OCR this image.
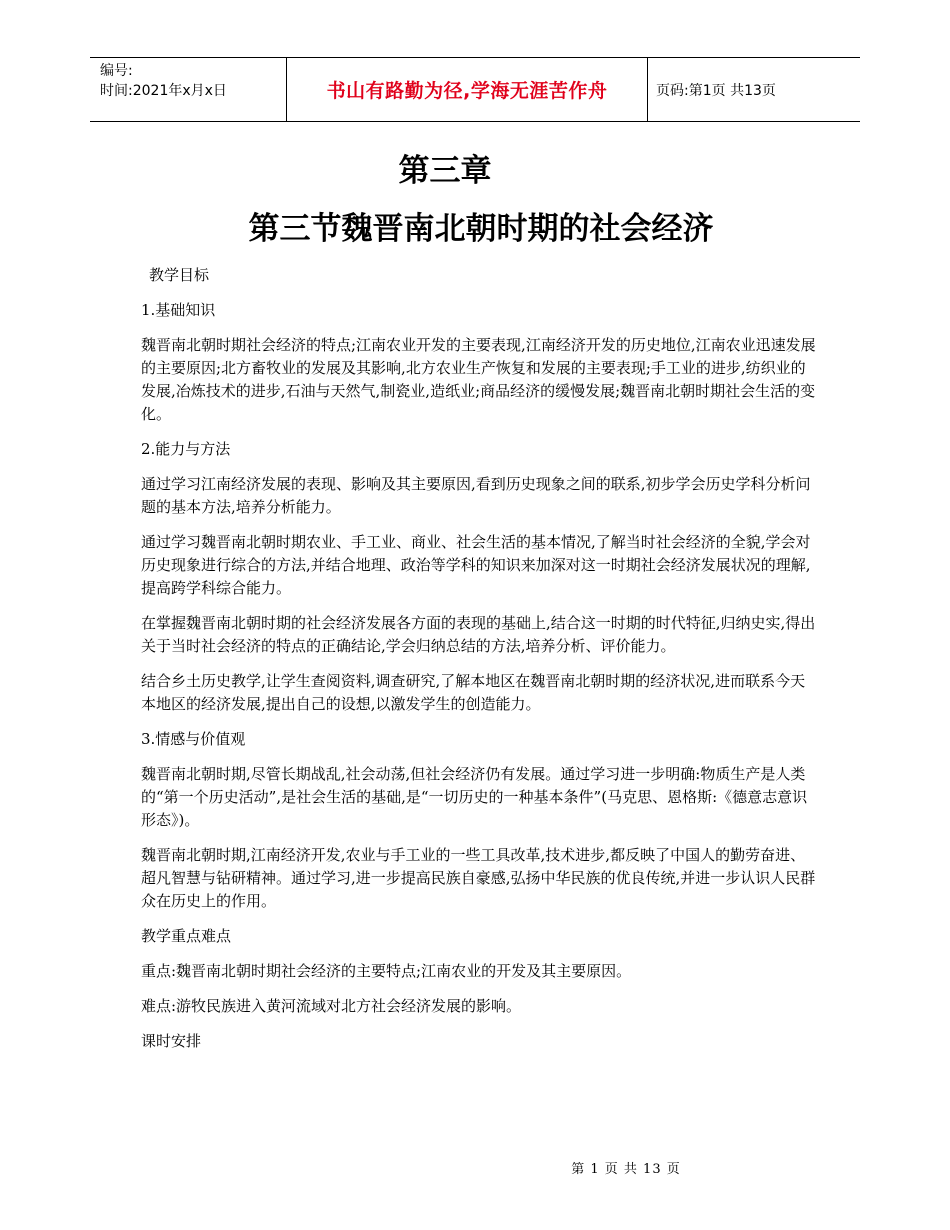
编号:
时间:2021年x月x日	书山有路勤为径,学海无涯苦作舟	页码:第1页 共13页
第三章
第三节魏晋南北朝时期的社会经济

教学目标

1.基础知识

魏晋南北朝时期社会经济的特点;江南农业开发的主要表现,江南经济开发的历史地位,江南农业迅速发展的主要原因;北方畜牧业的发展及其影响,北方农业生产恢复和发展的主要表现;手工业的进步,纺织业的发展,冶炼技术的进步,石油与天然气,制瓷业,造纸业;商品经济的缓慢发展;魏晋南北朝时期社会生活的变化。

2.能力与方法

通过学习江南经济发展的表现、影响及其主要原因,看到历史现象之间的联系,初步学会历史学科分析问题的基本方法,培养分析能力。

通过学习魏晋南北朝时期农业、手工业、商业、社会生活的基本情况,了解当时社会经济的全貌,学会对历史现象进行综合的方法,并结合地理、政治等学科的知识来加深对这一时期社会经济发展状况的理解,提高跨学科综合能力。

在掌握魏晋南北朝时期的社会经济发展各方面的表现的基础上,结合这一时期的时代特征,归纳史实,得出关于当时社会经济的特点的正确结论,学会归纳总结的方法,培养分析、评价能力。

结合乡土历史教学,让学生查阅资料,调查研究,了解本地区在魏晋南北朝时期的经济状况,进而联系今天本地区的经济发展,提出自己的设想,以激发学生的创造能力。

3.情感与价值观

魏晋南北朝时期,尽管长期战乱,社会动荡,但社会经济仍有发展。通过学习进一步明确:物质生产是人类的“第一个历史活动”,是社会生活的基础,是“一切历史的一种基本条件”(马克思、恩格斯:《德意志意识形态》)。

魏晋南北朝时期,江南经济开发,农业与手工业的一些工具改革,技术进步,都反映了中国人的勤劳奋进、超凡智慧与钻研精神。通过学习,进一步提高民族自豪感,弘扬中华民族的优良传统,并进一步认识人民群众在历史上的作用。

教学重点难点

重点:魏晋南北朝时期社会经济的主要特点;江南农业的开发及其主要原因。

难点:游牧民族进入黄河流域对北方社会经济发展的影响。

课时安排

第 1 页 共 13 页
